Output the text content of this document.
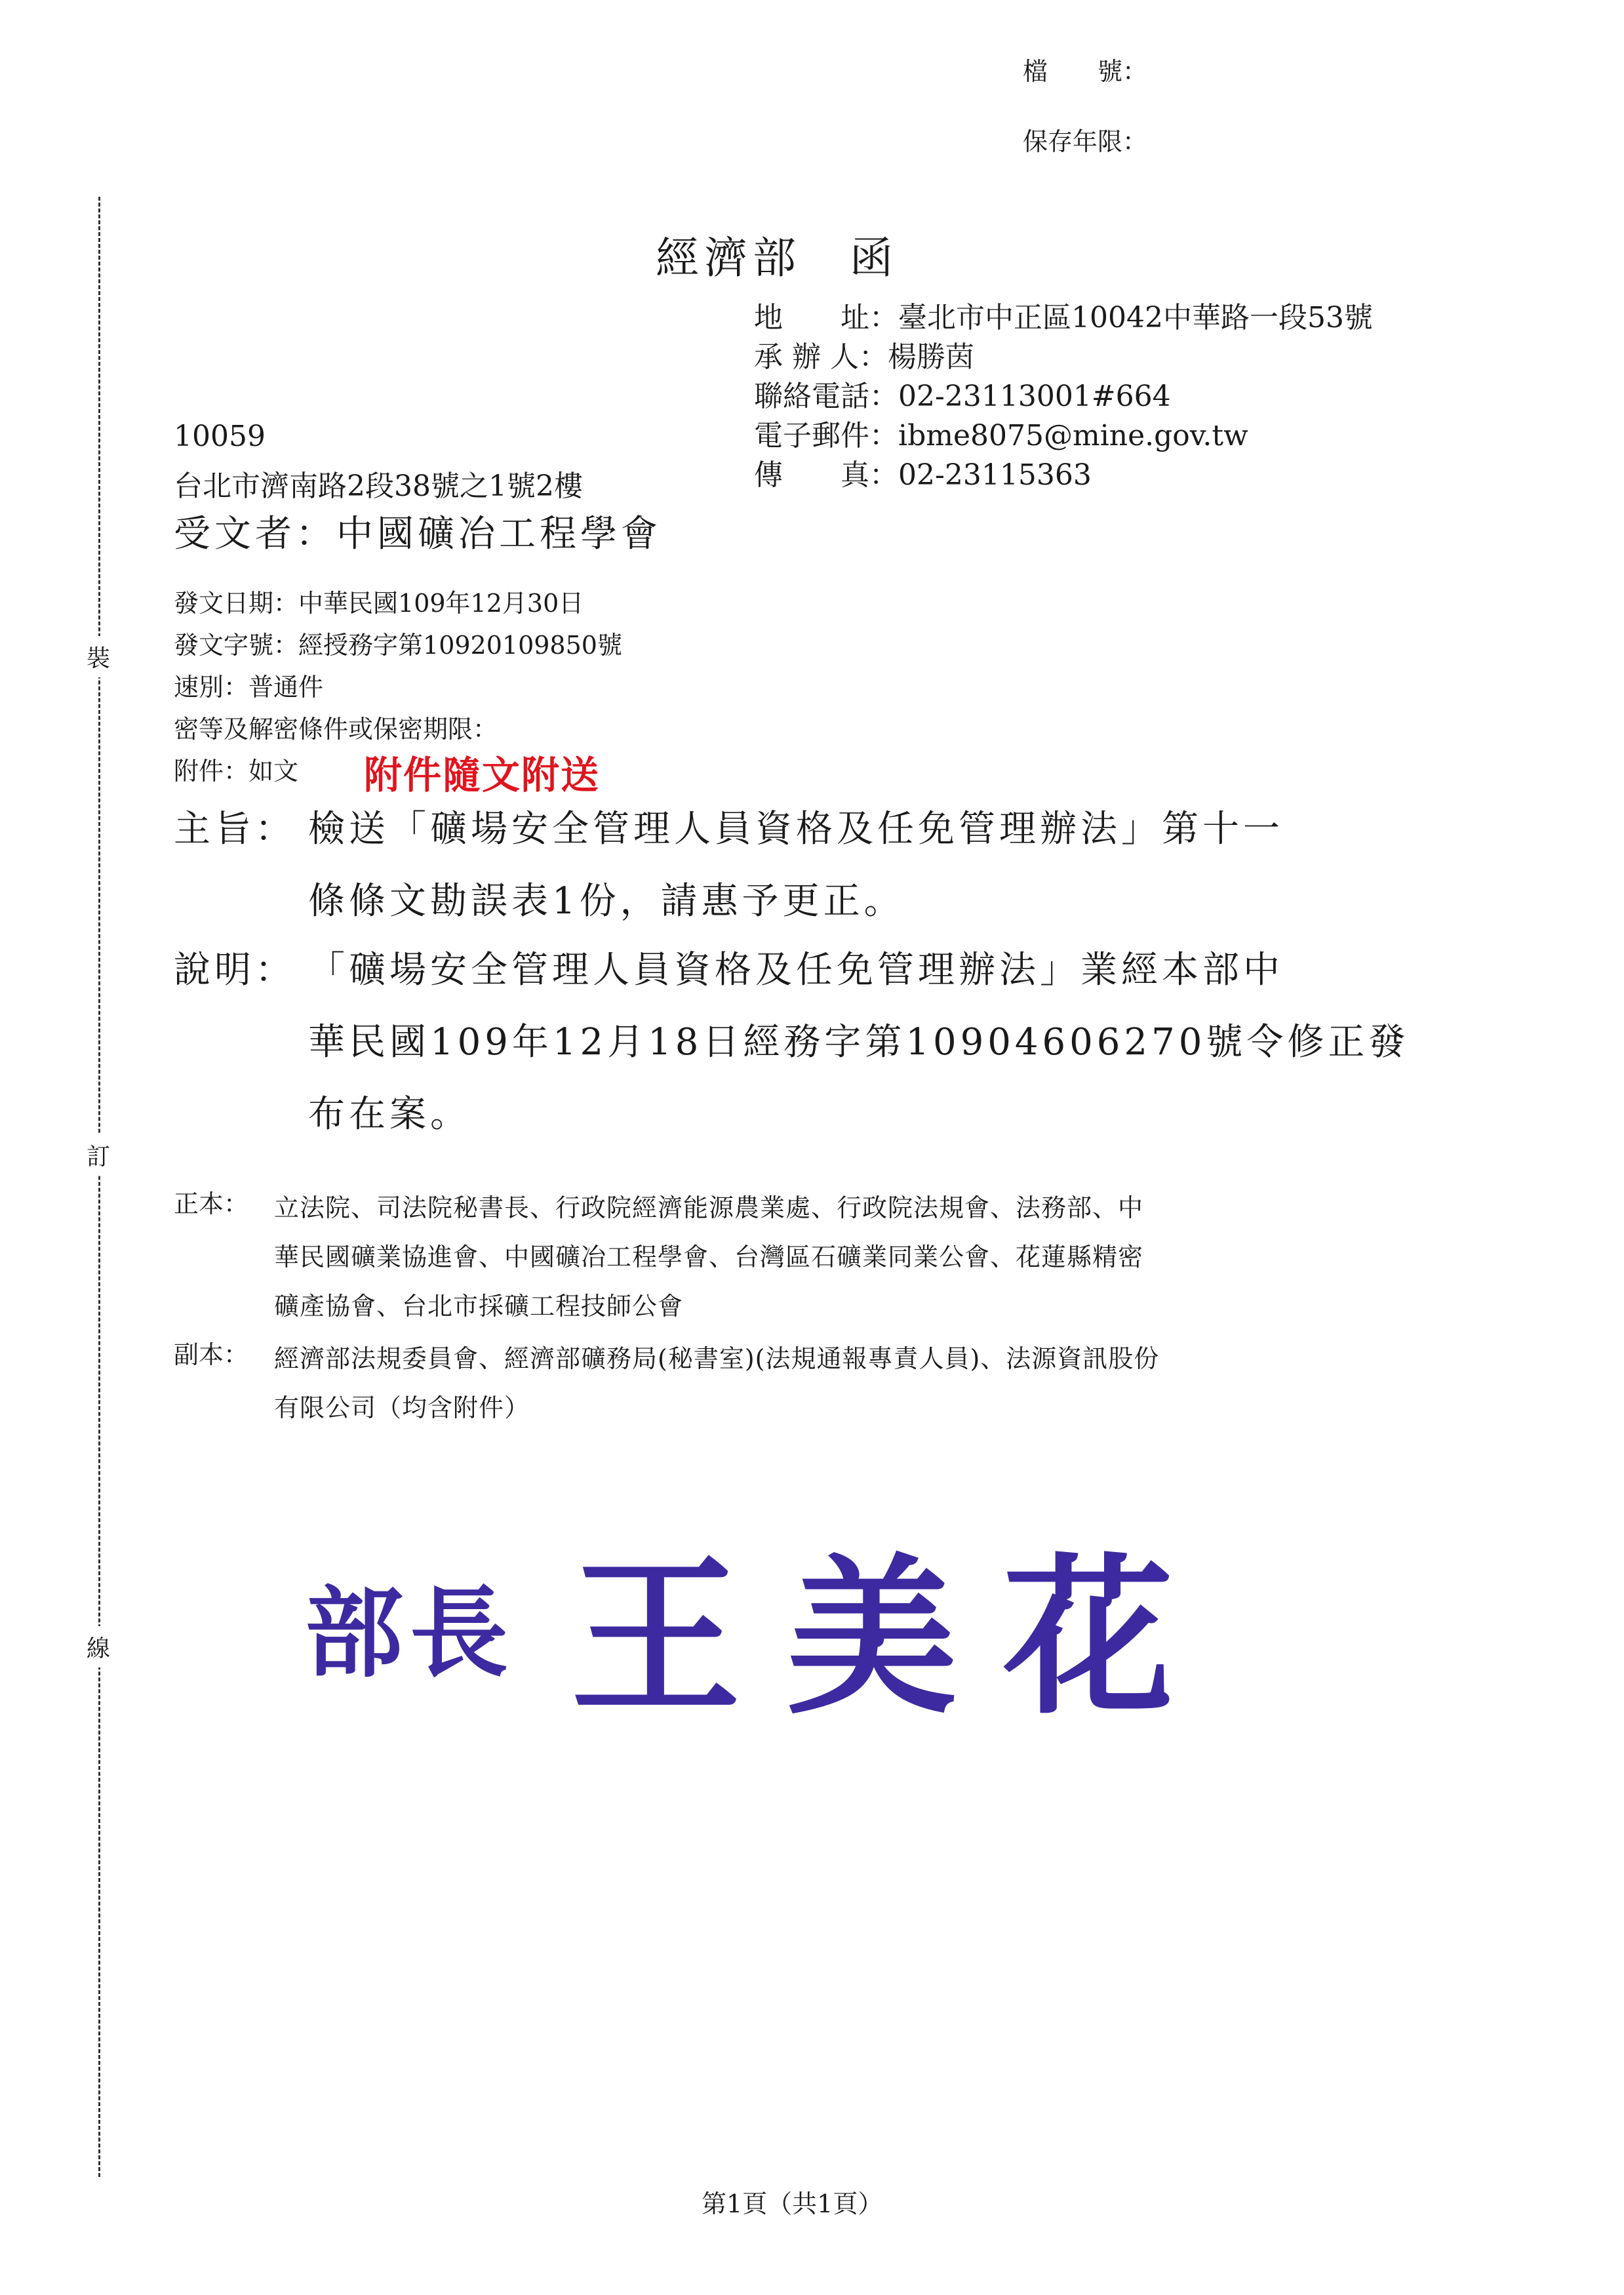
裝
訂
線
檔　　號：
保存年限：
經濟部　函
地　　址： 臺北市中正區10042中華路一段53號
承 辦 人： 楊勝茵
聯絡電話： 02-23113001#664
電子郵件： ibme8075@mine.gov.tw
傳　　真： 02-23115363
10059
台北市濟南路2段38號之1號2樓
受文者：中國礦冶工程學會
發文日期：中華民國109年12月30日
發文字號：經授務字第10920109850號
速別：普通件
密等及解密條件或保密期限：
附件：如文	附件隨文附送
主旨： 檢送「礦場安全管理人員資格及任免管理辦法」第十一
條條文勘誤表1份，請惠予更正。
說明： 「礦場安全管理人員資格及任免管理辦法」業經本部中
華民國109年12月18日經務字第10904606270號令修正發
布在案。
正本： 立法院、司法院秘書長、行政院經濟能源農業處、行政院法規會、法務部、中
華民國礦業協進會、中國礦冶工程學會、台灣區石礦業同業公會、花蓮縣精密
礦產協會、台北市採礦工程技師公會
副本： 經濟部法規委員會、經濟部礦務局(秘書室)(法規通報專責人員)、法源資訊股份
有限公司（均含附件）
部長 王美花
第1頁（共1頁）
